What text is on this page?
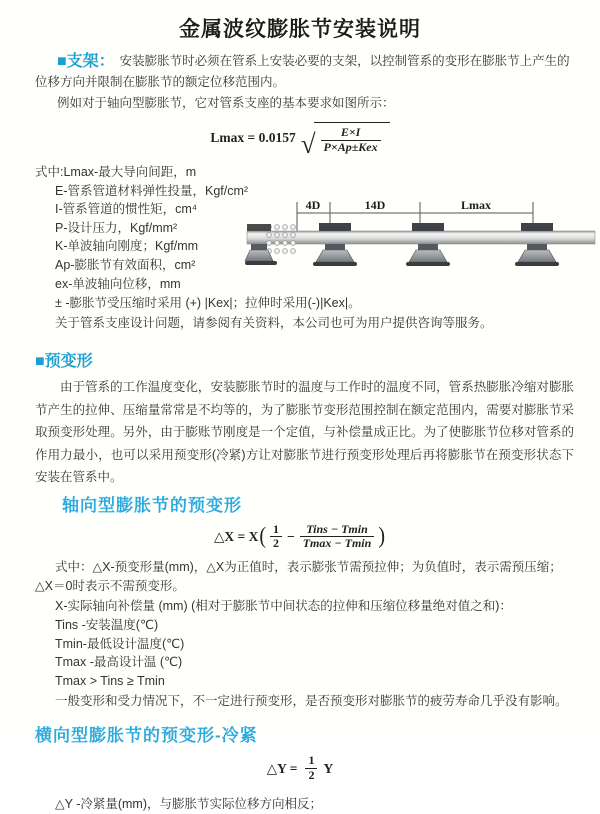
金属波纹膨胀节安装说明

■支架： 安装膨胀节时必须在管系上安装必要的支架，以控制管系的变形在膨胀节上产生的位移方向并限制在膨胀节的额定位移范围内。

例如对于轴向型膨胀节，它对管系支座的基本要求如图所示：

Lmax = 0.0157 √ $\frac{E\times I}{\text{P×Ap±Kex}}$
式中:Lmax-最大导向间距，m
E-管系管道材料弹性投量，Kgf/cm²
I-管系管道的惯性矩，cm⁴
P-设计压力，Kgf/mm²
K-单波轴向刚度；Kgf/mm
Ap-膨胀节有效面积，cm²
ex-单波轴向位移，mm
± -膨胀节受压缩时采用 (+) |Kex|；拉伸时采用(-)|Kex|。
关于管系支座设计问题，请参阅有关资料，本公司也可为用户提供咨询等服务。
4D	14D	Lmax
■预变形

由于管系的工作温度变化，安装膨胀节时的温度与工作时的温度不同，管系热膨胀冷缩对膨胀节产生的拉伸、压缩量常常是不均等的，为了膨胀节变形范围控制在额定范围内，需要对膨胀节采取预变形处理。另外，由于膨账节刚度是一个定值，与补偿量成正比。为了使膨胀节位移对管系的作用力最小，也可以采用预变形(冷紧)方让对膨胀节进行预变形处理后再将膨胀节在预变形状态下安装在管系中。

轴向型膨胀节的预变形
△X = X ( $\frac{1}{2} - \frac{\text{Tins − Tmin}}{Tmax - Tmin}$ )

式中：△X-预变形量(mm)，△X为正值时，表示膨张节需预拉伸；为负值时，表示需预压缩；△X＝0时表示不需预变形。

X-实际轴向补偿量 (mm) (相对于膨胀节中间状态的拉伸和压缩位移量绝对值之和)：

Tins -安装温度(℃)

Tmin-最低设计温度(℃)

Tmax -最高设计温 (℃)

Tmax > Tins ≥ Tmin

一般变形和受力情况下，不一定进行预变形，是否预变形对膨胀节的疲劳寿命几乎没有影响。

横向型膨胀节的预变形-冷紧
△Y = $\frac{1}{2}$ Y

△Y -冷紧量(mm)，与膨胀节实际位移方向相反；
